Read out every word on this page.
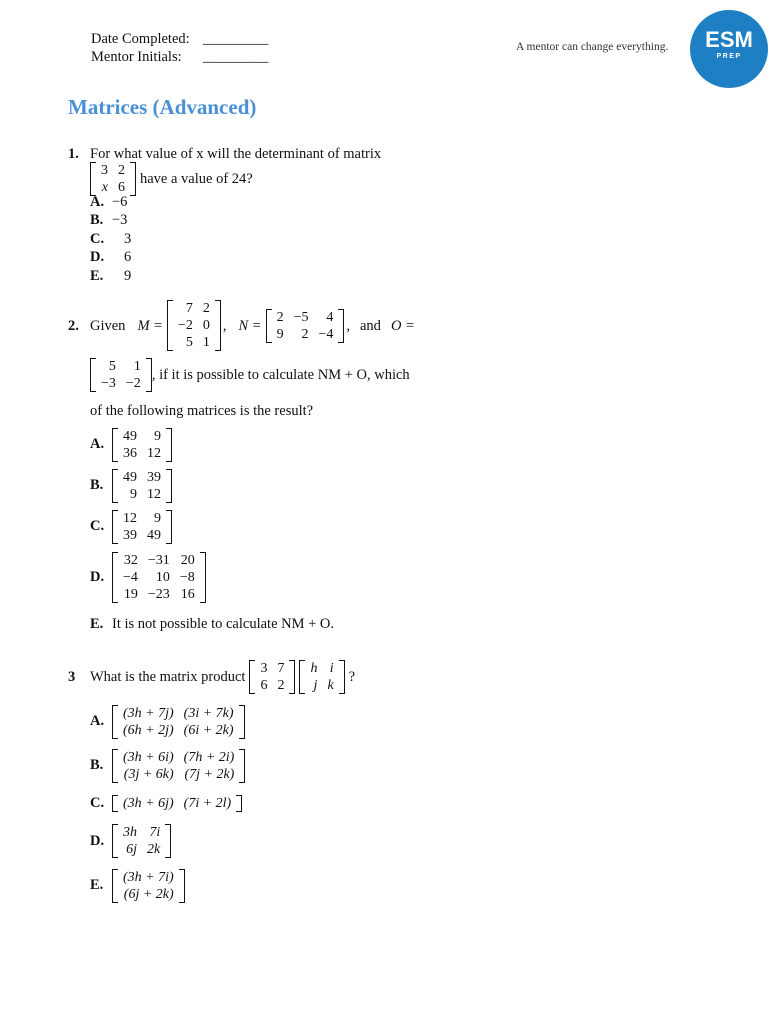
Date Completed: _________
Mentor Initials:	_________
A mentor can change everything.	ESM
PREP
Matrices (Advanced)
1. For what value of x will the determinant of matrix
3	2
x	6
have a value of 24?
A. −6
B. −3
C.	3
D.	6
E.	9
2. Given M =
7	2
−2	0
5	1
, N =
2	−5	4
9	2	−4
, and O =
5	1
−3	−2
, if it is possible to calculate NM + O, which
of the following matrices is the result?
A.	49	9
36	12
B.	49	39
9	12
C.	12	9
39	49
D.
32	−31	20
−4	10	−8
19	−23	16
E. It is not possible to calculate NM + O.
3	What is the matrix product
3	7
6	2
h	i
j	k
?
A.	(3h + 7j)	(3i + 7k)
(6h + 2j)	(6i + 2k)
B.	(3h + 6i)	(7h + 2i)
(3j + 6k)	(7j + 2k)
C.	(3h + 6j)	(7i + 2l)
D.	3h	7i
6j	2k
E.	(3h + 7i)
(6j + 2k)
